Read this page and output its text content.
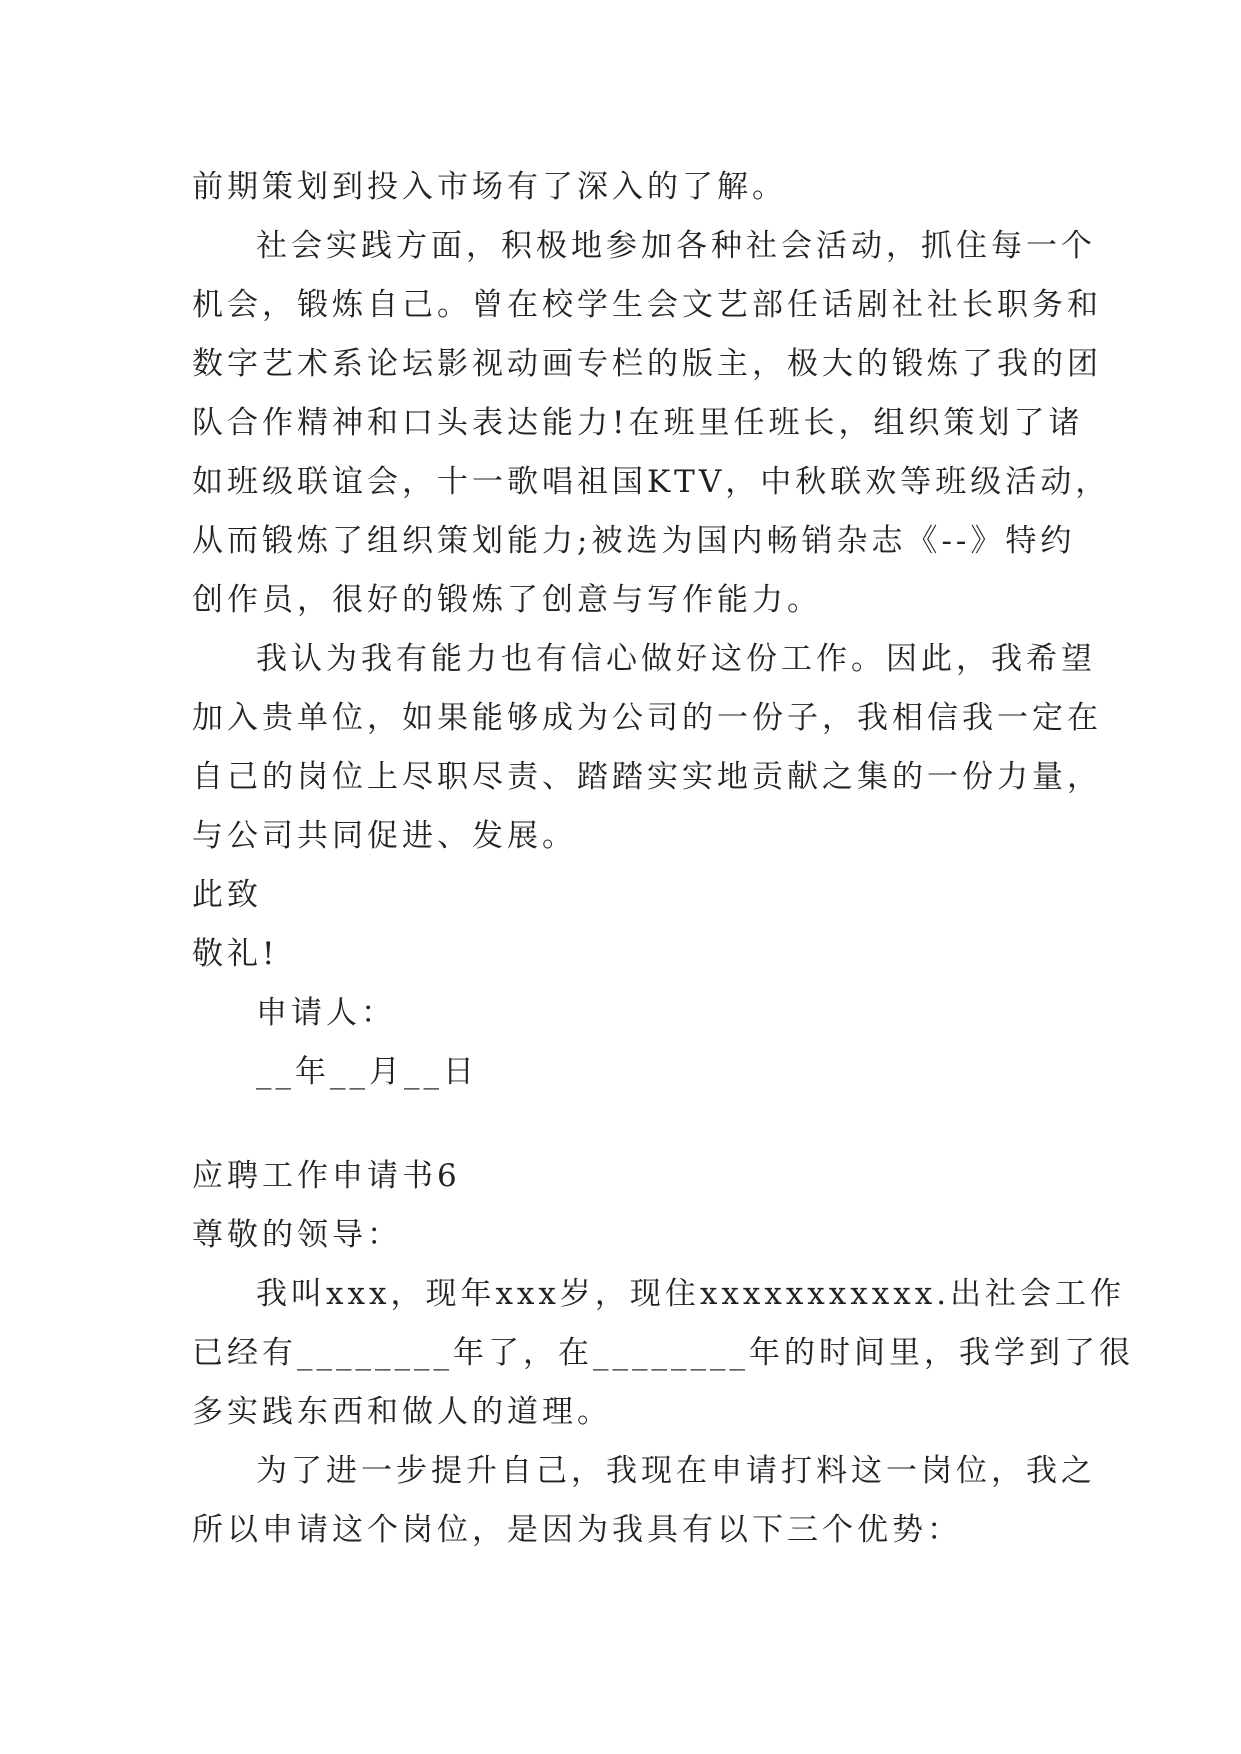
前期策划到投入市场有了深入的了解。
社会实践方面，积极地参加各种社会活动，抓住每一个
机会，锻炼自己。曾在校学生会文艺部任话剧社社长职务和
数字艺术系论坛影视动画专栏的版主，极大的锻炼了我的团
队合作精神和口头表达能力!在班里任班长，组织策划了诸
如班级联谊会，十一歌唱祖国KTV，中秋联欢等班级活动，
从而锻炼了组织策划能力;被选为国内畅销杂志《--》特约
创作员，很好的锻炼了创意与写作能力。
我认为我有能力也有信心做好这份工作。因此，我希望
加入贵单位，如果能够成为公司的一份子，我相信我一定在
自己的岗位上尽职尽责、踏踏实实地贡献之集的一份力量，
与公司共同促进、发展。
此致
敬礼!
申请人：
__年__月__日
应聘工作申请书6
尊敬的领导：
我叫xxx，现年xxx岁，现住xxxxxxxxxxx.出社会工作
已经有________年了，在________年的时间里，我学到了很
多实践东西和做人的道理。
为了进一步提升自己，我现在申请打料这一岗位，我之
所以申请这个岗位，是因为我具有以下三个优势：
